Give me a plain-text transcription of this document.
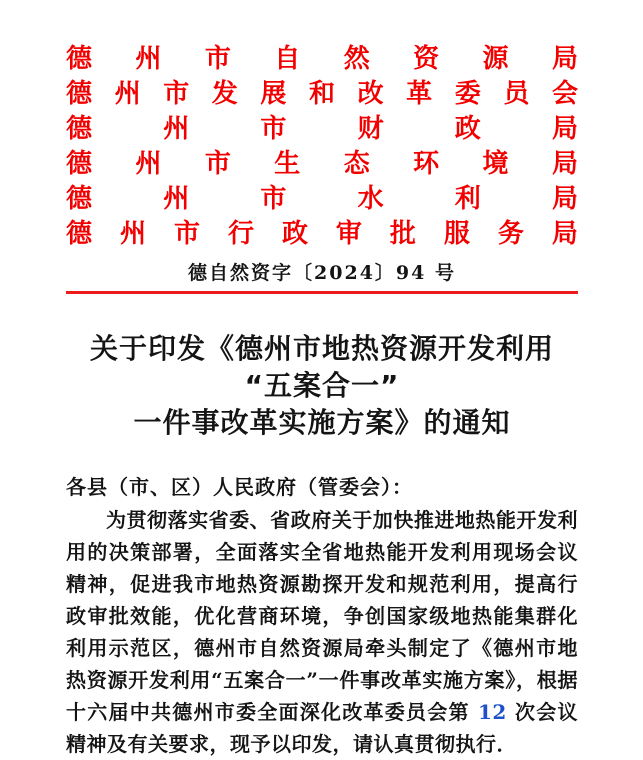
德 州 市 自 然 资 源 局
德 州 市 发 展 和 改 革 委 员 会
德	州	市	财	政	局
德 州 市 生 态 环 境 局
德	州	市	水	利	局
德 州 市 行 政 审 批 服 务 局
德自然资字〔2024〕94 号
关于印发《德州市地热资源开发利用“五案合一”
一件事改革实施方案》的通知
各县（市、区）人民政府（管委会）：

为贯彻落实省委、省政府关于加快推进地热能开发利用的决策部署，全面落实全省地热能开发利用现场会议精神，促进我市地热资源勘探开发和规范利用，提高行政审批效能，优化营商环境，争创国家级地热能集群化利用示范区，德州市自然资源局牵头制定了《德州市地热资源开发利用“五案合一”一件事改革实施方案》，根据十六届中共德州市委全面深化改革委员会第 12 次会议精神及有关要求，现予以印发，请认真贯彻执行．
